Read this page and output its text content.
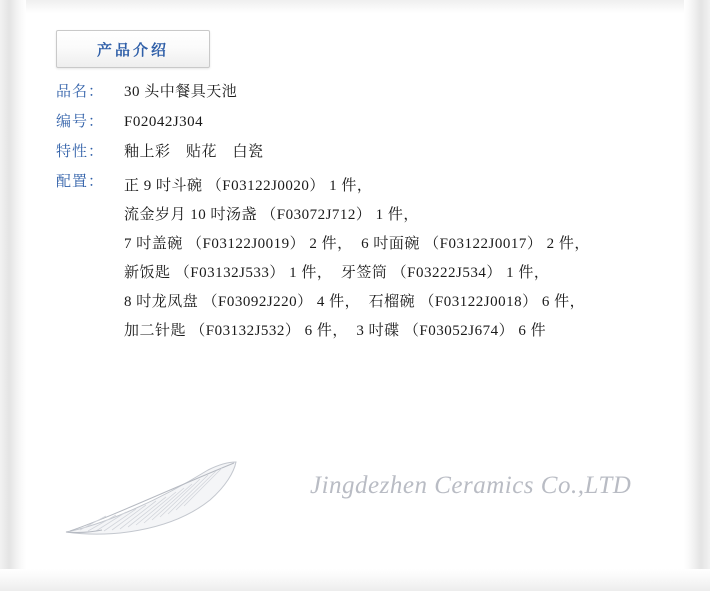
产品介绍
品名：	30 头中餐具天池
编号：	F02042J304
特性：	釉上彩　贴花　白瓷
配置：	正 9 吋斗碗 （F03122J0020） 1 件，
流金岁月 10 吋汤盏 （F03072J712） 1 件，
7 吋盖碗 （F03122J0019） 2 件，  6 吋面碗 （F03122J0017） 2 件，
新饭匙 （F03132J533） 1 件，  牙签筒 （F03222J534） 1 件，
8 吋龙凤盘 （F03092J220） 4 件，  石榴碗 （F03122J0018） 6 件，
加二针匙 （F03132J532） 6 件，  3 吋碟 （F03052J674） 6 件
Jingdezhen Ceramics Co.,LTD
